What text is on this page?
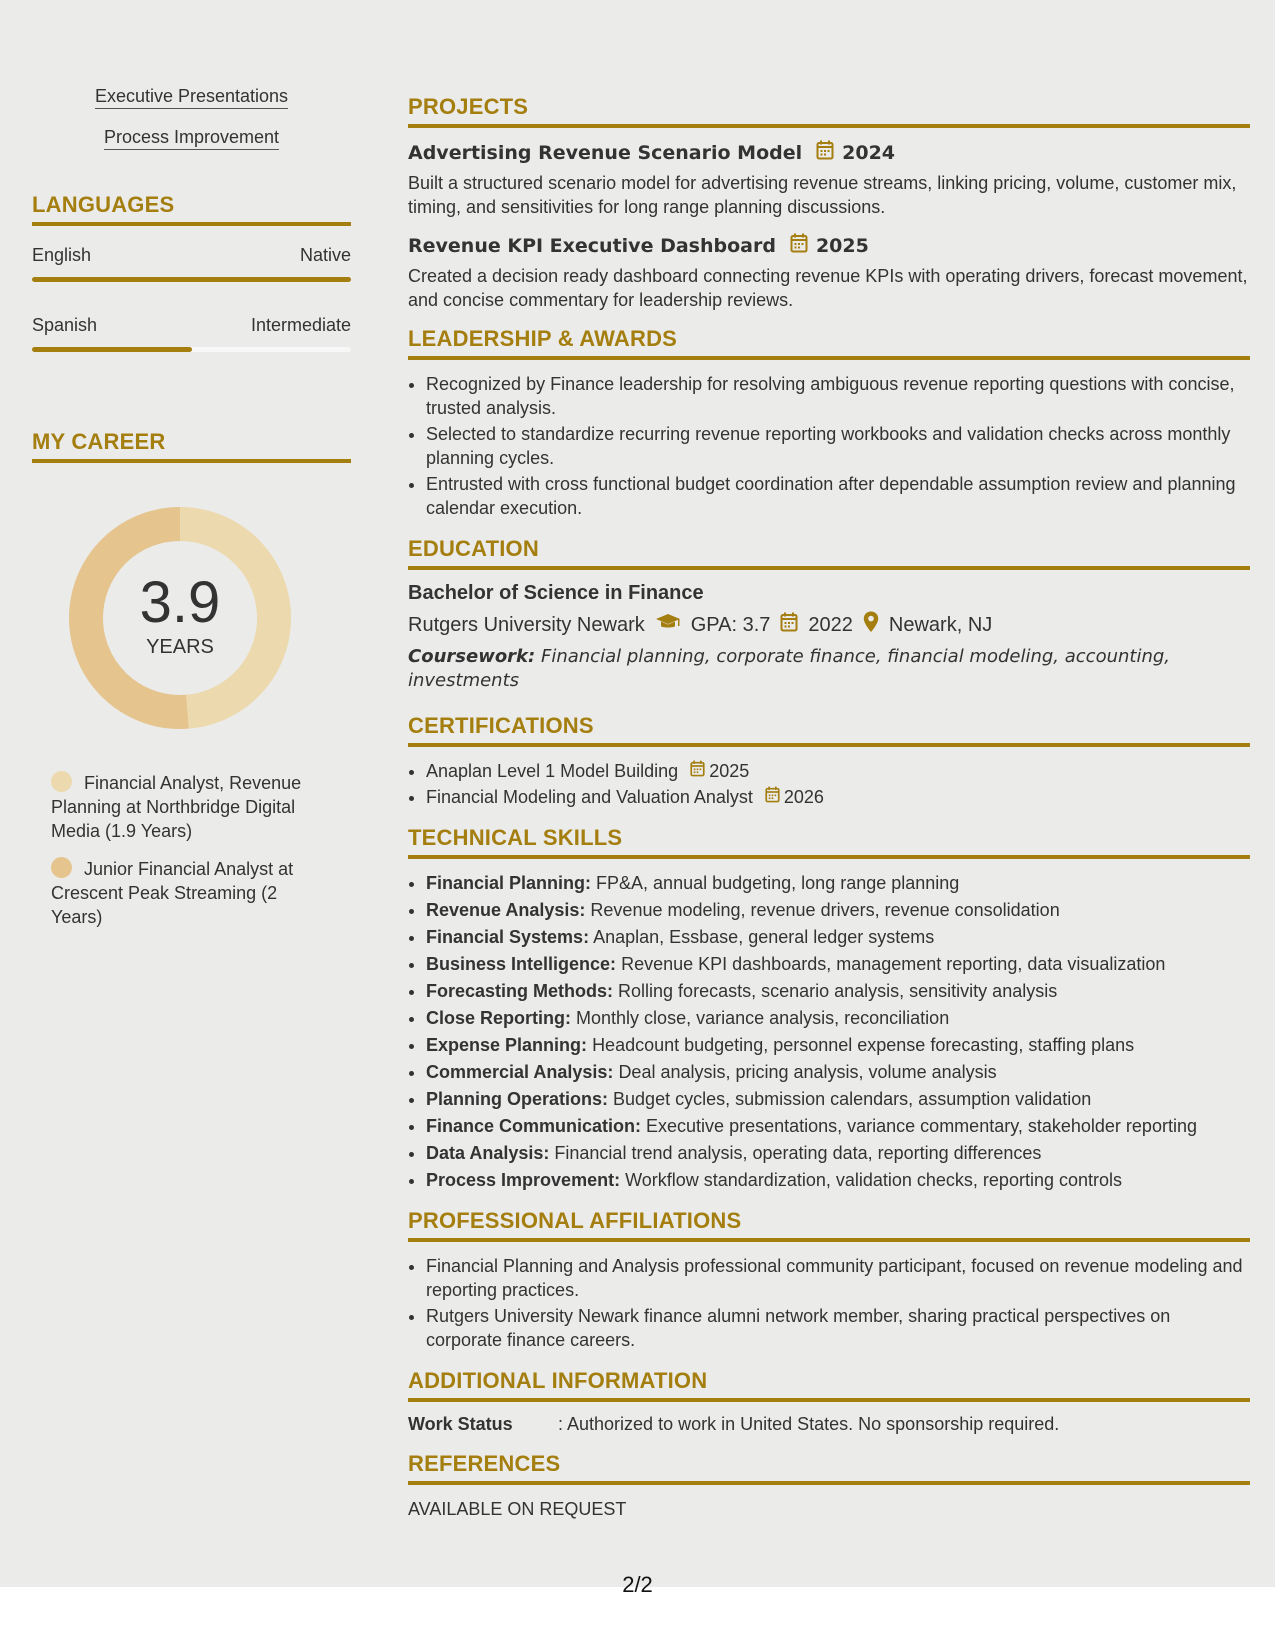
Executive Presentations
Process Improvement
LANGUAGES
English	Native
Spanish	Intermediate
MY CAREER
3.9
YEARS
Financial Analyst, Revenue Planning at Northbridge Digital Media (1.9 Years)
Junior Financial Analyst at Crescent Peak Streaming (2 Years)
PROJECTS
Advertising Revenue Scenario Model 2024
Built a structured scenario model for advertising revenue streams, linking pricing, volume, customer mix, timing, and sensitivities for long range planning discussions.
Revenue KPI Executive Dashboard 2025
Created a decision ready dashboard connecting revenue KPIs with operating drivers, forecast movement, and concise commentary for leadership reviews.
LEADERSHIP & AWARDS
• Recognized by Finance leadership for resolving ambiguous revenue reporting questions with concise, trusted analysis.
• Selected to standardize recurring revenue reporting workbooks and validation checks across monthly planning cycles.
• Entrusted with cross functional budget coordination after dependable assumption review and planning calendar execution.
EDUCATION
Bachelor of Science in Finance
Rutgers University Newark GPA: 3.7 2022 Newark, NJ
Coursework: Financial planning, corporate finance, financial modeling, accounting, investments
CERTIFICATIONS
• Anaplan Level 1 Model Building 2025
• Financial Modeling and Valuation Analyst 2026
TECHNICAL SKILLS
• Financial Planning: FP&A, annual budgeting, long range planning
• Revenue Analysis: Revenue modeling, revenue drivers, revenue consolidation
• Financial Systems: Anaplan, Essbase, general ledger systems
• Business Intelligence: Revenue KPI dashboards, management reporting, data visualization
• Forecasting Methods: Rolling forecasts, scenario analysis, sensitivity analysis
• Close Reporting: Monthly close, variance analysis, reconciliation
• Expense Planning: Headcount budgeting, personnel expense forecasting, staffing plans
• Commercial Analysis: Deal analysis, pricing analysis, volume analysis
• Planning Operations: Budget cycles, submission calendars, assumption validation
• Finance Communication: Executive presentations, variance commentary, stakeholder reporting
• Data Analysis: Financial trend analysis, operating data, reporting differences
• Process Improvement: Workflow standardization, validation checks, reporting controls
PROFESSIONAL AFFILIATIONS
• Financial Planning and Analysis professional community participant, focused on revenue modeling and reporting practices.
• Rutgers University Newark finance alumni network member, sharing practical perspectives on corporate finance careers.
ADDITIONAL INFORMATION
Work Status	: Authorized to work in United States. No sponsorship required.
REFERENCES
AVAILABLE ON REQUEST
2/2
